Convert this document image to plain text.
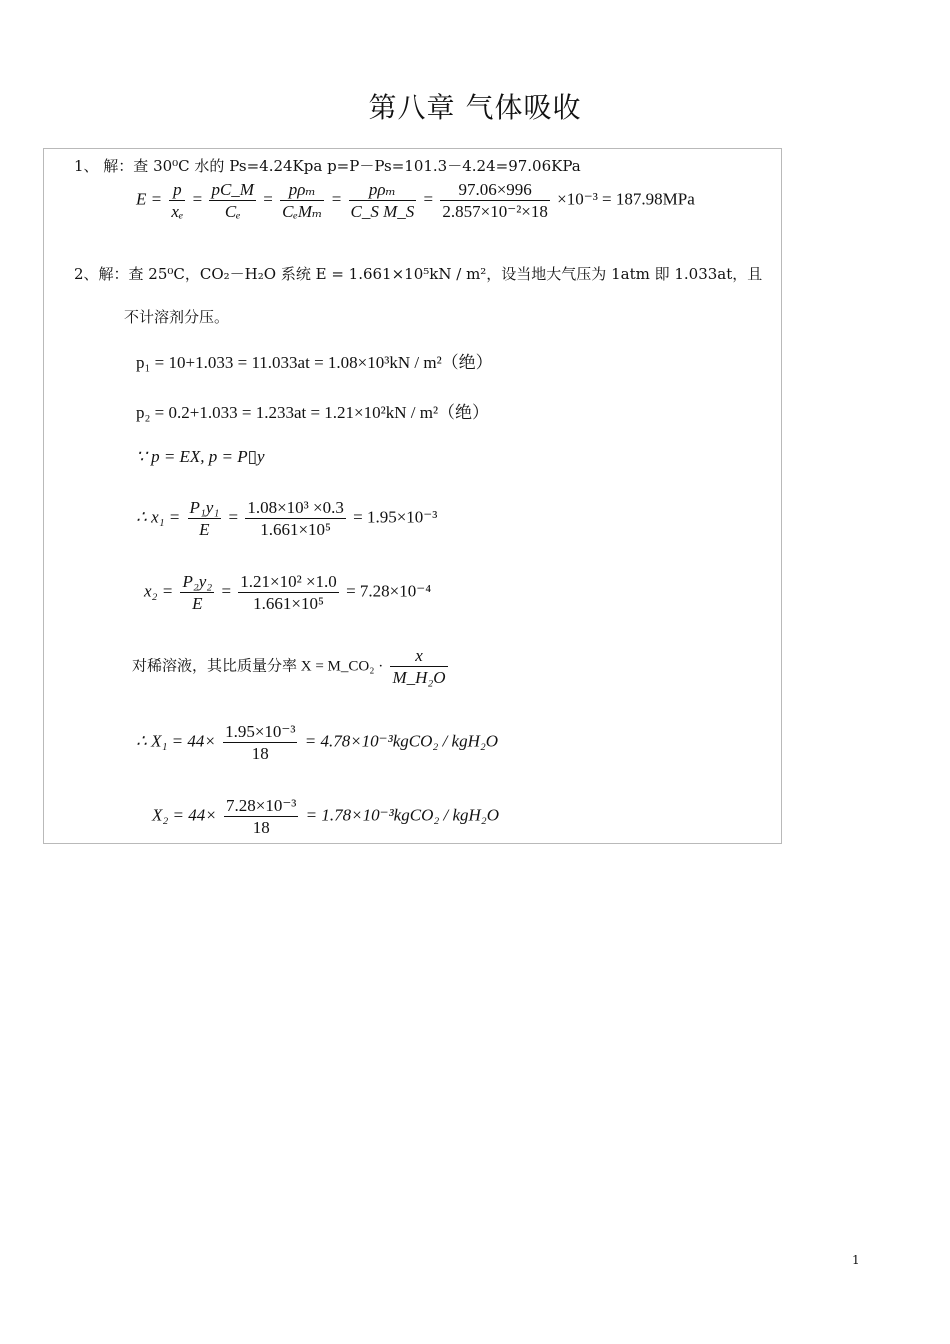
第八章 气体吸收
1、 解：查 30⁰C 水的 Ps=4.24Kpa p=P－Ps=101.3－4.24=97.06KPa
$E = \frac{p}{\text{xₑ}} = \frac{pC\_M}{\text{Cₑ}} = \frac{\text{pρₘ}}{\text{CₑMₘ}} = \frac{\text{pρₘ}}{\text{C\_S M\_S}} = \frac{97.06\times 996}{\text{2.857×10⁻²×18}} \times 10^{-3} = 187.98MPa$
2、解：查 25⁰C，CO₂－H₂O 系统 E = 1.661×10⁵kN / m²，设当地大气压为 1atm 即 1.033at，且
不计溶剂分压。
p₁ = 10+1.033 = 11.033at = 1.08×10³kN / m²（绝）
p₂ = 0.2+1.033 = 1.233at = 1.21×10²kN / m²（绝）
∵ p = EX, p = P▯y
∴ $x_1 = \frac{\text{P₁y₁}}{E} = \frac{\text{1.08×10³ ×0.3}}{\text{1.661×10⁵}} = 1.95\times 10^{-3}$
$x_2 = \frac{\text{P₂y₂}}{E} = \frac{\text{1.21×10² ×1.0}}{\text{1.661×10⁵}} = 7.28\times 10^{-4}$
对稀溶液，其比质量分率 X = M_CO₂ · $\frac{x}{\text{M\_H₂O}}$
∴ $X_1 = 44\times \frac{\text{1.95×10⁻³}}{18}$ = 4.78×10⁻³kgCO₂ / kgH₂O
$X_2 = 44\times \frac{\text{7.28×10⁻³}}{18}$ = 1.78×10⁻³kgCO₂ / kgH₂O
1
